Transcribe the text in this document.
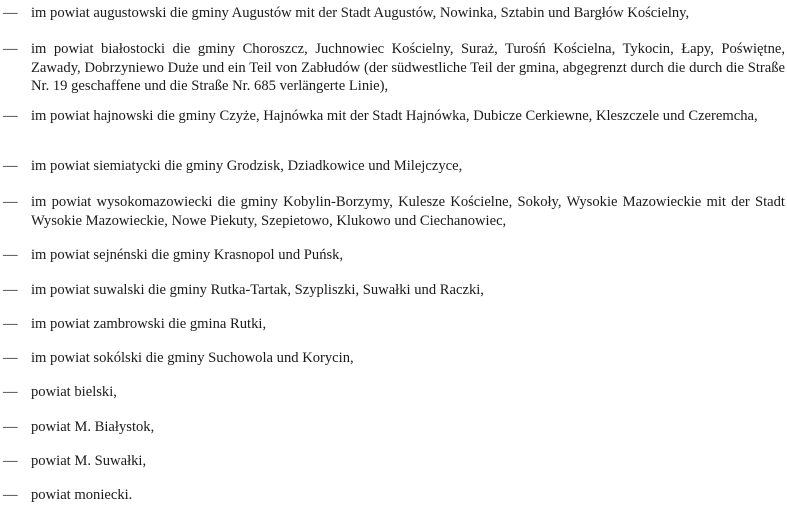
— im powiat augustowski die gminy Augustów mit der Stadt Augustów, Nowinka, Sztabin und Bargłów Kościelny,
— im powiat białostocki die gminy Choroszcz, Juchnowiec Kościelny, Suraż, Turośń Kościelna, Tykocin, Łapy, Poświętne, Zawady, Dobrzyniewo Duże und ein Teil von Zabłudów (der südwestliche Teil der gmina, abgegrenzt durch die durch die Straße Nr. 19 geschaffene und die Straße Nr. 685 verlängerte Linie),
— im powiat hajnowski die gminy Czyże, Hajnówka mit der Stadt Hajnówka, Dubicze Cerkiewne, Kleszczele und Czeremcha,
— im powiat siemiatycki die gminy Grodzisk, Dziadkowice und Milejczyce,
— im powiat wysokomazowiecki die gminy Kobylin-Borzymy, Kulesze Kościelne, Sokoły, Wysokie Mazowieckie mit der Stadt Wysokie Mazowieckie, Nowe Piekuty, Szepietowo, Klukowo und Ciechanowiec,
— im powiat sejnénski die gminy Krasnopol und Puńsk,
— im powiat suwalski die gminy Rutka-Tartak, Szypliszki, Suwałki und Raczki,
— im powiat zambrowski die gmina Rutki,
— im powiat sokólski die gminy Suchowola und Korycin,
— powiat bielski,
— powiat M. Białystok,
— powiat M. Suwałki,
— powiat moniecki.
